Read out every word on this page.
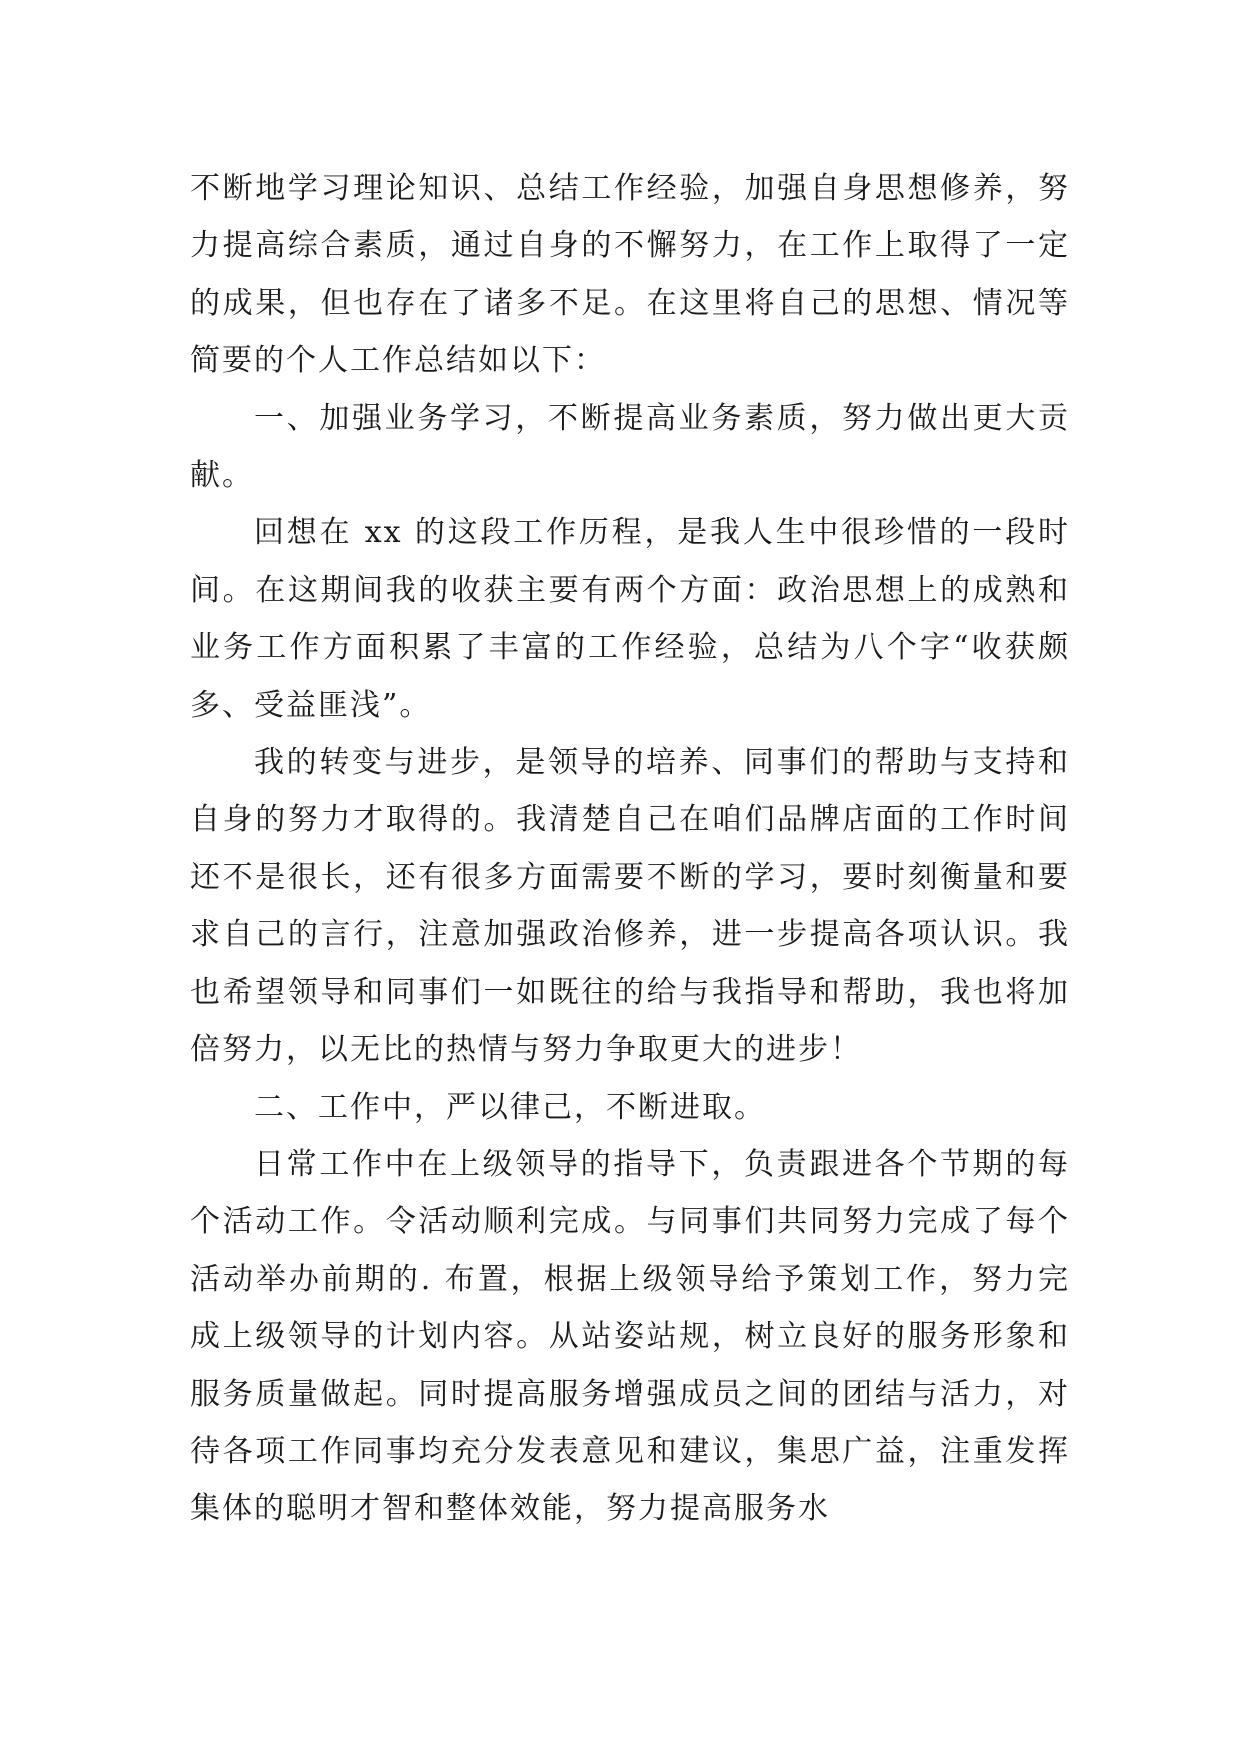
不断地学习理论知识、总结工作经验，加强自身思想修养，努力提高综合素质，通过自身的不懈努力，在工作上取得了一定的成果，但也存在了诸多不足。在这里将自己的思想、情况等简要的个人工作总结如以下：

一、加强业务学习，不断提高业务素质，努力做出更大贡献。

回想在 xx 的这段工作历程，是我人生中很珍惜的一段时间。在这期间我的收获主要有两个方面：政治思想上的成熟和业务工作方面积累了丰富的工作经验，总结为八个字“收获颇多、受益匪浅”。

我的转变与进步，是领导的培养、同事们的帮助与支持和自身的努力才取得的。我清楚自己在咱们品牌店面的工作时间还不是很长，还有很多方面需要不断的学习，要时刻衡量和要求自己的言行，注意加强政治修养，进一步提高各项认识。我也希望领导和同事们一如既往的给与我指导和帮助，我也将加倍努力，以无比的热情与努力争取更大的进步！

二、工作中，严以律己，不断进取。

日常工作中在上级领导的指导下，负责跟进各个节期的每个活动工作。令活动顺利完成。与同事们共同努力完成了每个活动举办前期的. 布置，根据上级领导给予策划工作，努力完成上级领导的计划内容。从站姿站规，树立良好的服务形象和服务质量做起。同时提高服务增强成员之间的团结与活力，对待各项工作同事均充分发表意见和建议，集思广益，注重发挥集体的聪明才智和整体效能，努力提高服务水
